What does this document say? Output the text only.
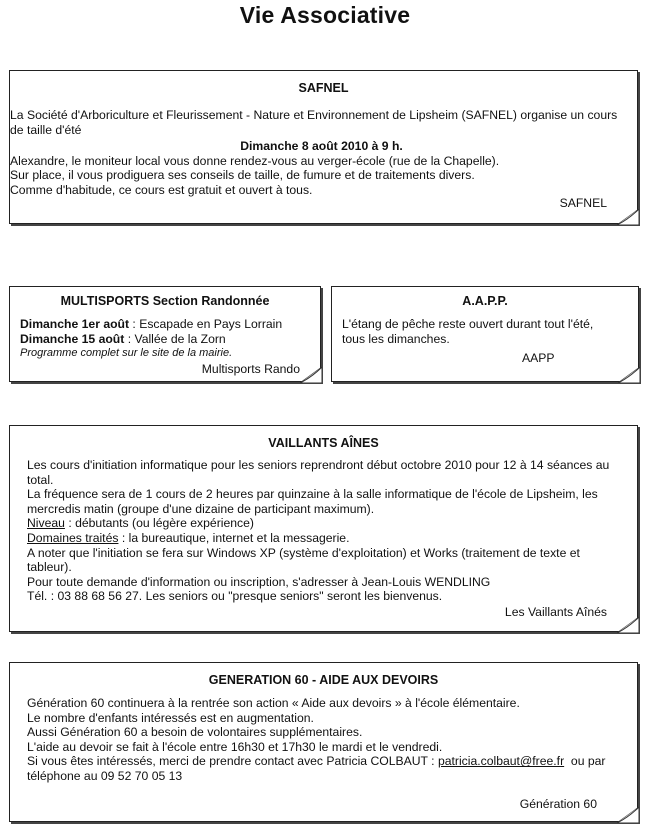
Vie Associative
SAFNEL

La Société d'Arboriculture et Fleurissement - Nature et Environnement de Lipsheim (SAFNEL) organise un cours de taille d'été

Dimanche 8 août 2010 à 9 h.

Alexandre, le moniteur local vous donne rendez-vous au verger-école (rue de la Chapelle).

Sur place, il vous prodiguera ses conseils de taille, de fumure et de traitements divers.

Comme d'habitude, ce cours est gratuit et ouvert à tous.

SAFNEL
MULTISPORTS Section Randonnée

Dimanche 1er août : Escapade en Pays Lorrain

Dimanche 15 août : Vallée de la Zorn

Programme complet sur le site de la mairie.

Multisports Rando
A.A.P.P.

L'étang de pêche reste ouvert durant tout l'été,

tous les dimanches.

AAPP
VAILLANTS AÎNES

Les cours d'initiation informatique pour les seniors reprendront début octobre 2010 pour 12 à 14 séances au total.

La fréquence sera de 1 cours de 2 heures par quinzaine à la salle informatique de l'école de Lipsheim, les mercredis matin (groupe d'une dizaine de participant maximum).

Niveau : débutants (ou légère expérience)

Domaines traités : la bureautique, internet et la messagerie.

A noter que l'initiation se fera sur Windows XP (système d'exploitation) et Works (traitement de texte et tableur).

Pour toute demande d'information ou inscription, s'adresser à Jean-Louis WENDLING

Tél. : 03 88 68 56 27. Les seniors ou "presque seniors" seront les bienvenus.

Les Vaillants Aînés
GENERATION 60 - AIDE AUX DEVOIRS

Génération 60 continuera à la rentrée son action « Aide aux devoirs » à l'école élémentaire.

Le nombre d'enfants intéressés est en augmentation.

Aussi Génération 60 a besoin de volontaires supplémentaires.

L'aide au devoir se fait à l'école entre 16h30 et 17h30 le mardi et le vendredi.

Si vous êtes intéressés, merci de prendre contact avec Patricia COLBAUT : patricia.colbaut@free.fr  ou par

téléphone au 09 52 70 05 13

Génération 60
